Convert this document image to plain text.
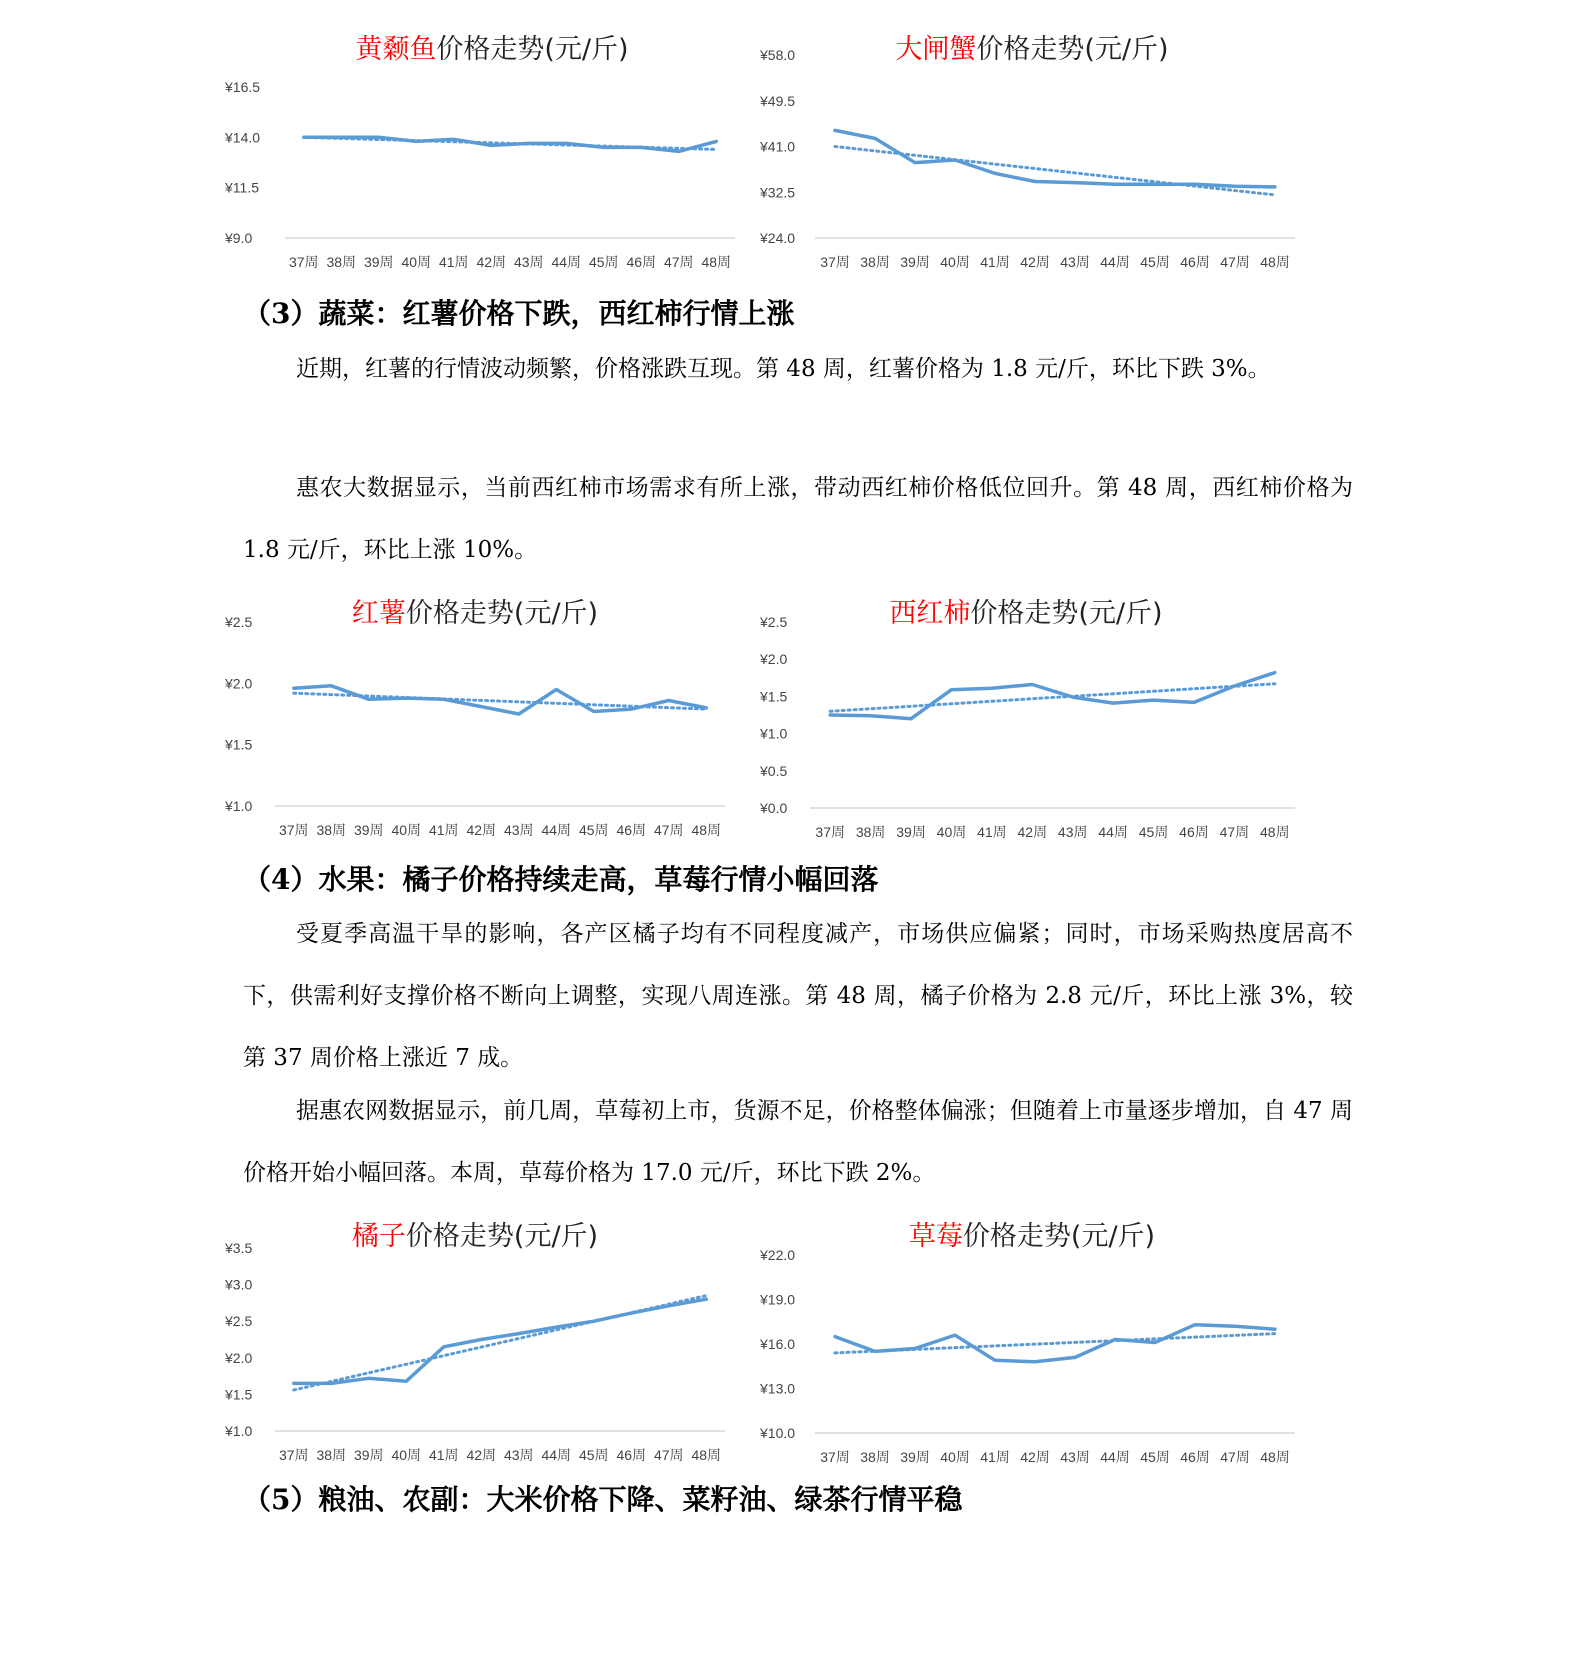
黄颡鱼价格走势(元/斤)
¥9.0
¥11.5
¥14.0
¥16.5
37周 38周 39周 40周 41周 42周 43周 44周 45周 46周 47周 48周
大闸蟹价格走势(元/斤)
¥24.0
¥32.5
¥41.0
¥49.5
¥58.0
37周 38周 39周 40周 41周 42周 43周 44周 45周 46周 47周 48周
（3）蔬菜：红薯价格下跌，西红柿行情上涨
近期，红薯的行情波动频繁，价格涨跌互现。第 48 周，红薯价格为 1.8 元/斤，环比下跌 3%。
惠农大数据显示，当前西红柿市场需求有所上涨，带动西红柿价格低位回升。第 48 周，西红柿价格为 1.8 元/斤，环比上涨 10%。
红薯价格走势(元/斤)
¥1.0
¥1.5
¥2.0
¥2.5
37周 38周 39周 40周 41周 42周 43周 44周 45周 46周 47周 48周
西红柿价格走势(元/斤)
¥0.0
¥0.5
¥1.0
¥1.5
¥2.0
¥2.5
37周 38周 39周 40周 41周 42周 43周 44周 45周 46周 47周 48周
（4）水果：橘子价格持续走高，草莓行情小幅回落
受夏季高温干旱的影响，各产区橘子均有不同程度减产，市场供应偏紧；同时，市场采购热度居高不下，供需利好支撑价格不断向上调整，实现八周连涨。第 48 周，橘子价格为 2.8 元/斤，环比上涨 3%，较第 37 周价格上涨近 7 成。
据惠农网数据显示，前几周，草莓初上市，货源不足，价格整体偏涨；但随着上市量逐步增加，自 47 周价格开始小幅回落。本周，草莓价格为 17.0 元/斤，环比下跌 2%。
橘子价格走势(元/斤)
¥1.0
¥1.5
¥2.0
¥2.5
¥3.0
¥3.5
37周 38周 39周 40周 41周 42周 43周 44周 45周 46周 47周 48周
草莓价格走势(元/斤)
¥10.0
¥13.0
¥16.0
¥19.0
¥22.0
37周 38周 39周 40周 41周 42周 43周 44周 45周 46周 47周 48周
（5）粮油、农副：大米价格下降、菜籽油、绿茶行情平稳
